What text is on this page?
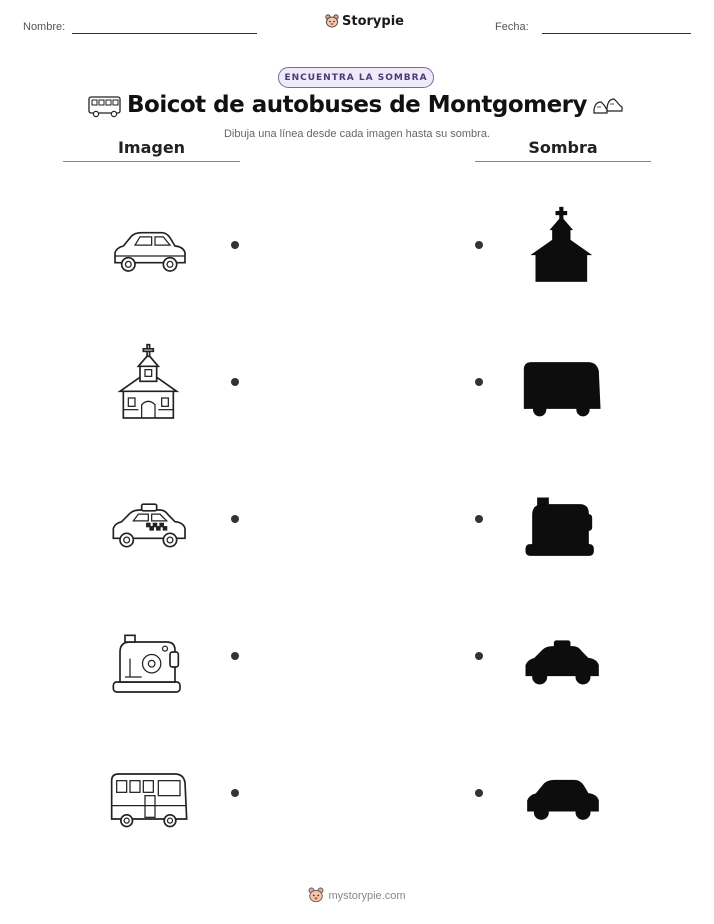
Nombre:	Storypie	Fecha:
ENCUENTRA LA SOMBRA
Boicot de autobuses de Montgomery
Dibuja una línea desde cada imagen hasta su sombra.
Imagen	Sombra
mystorypie.com
